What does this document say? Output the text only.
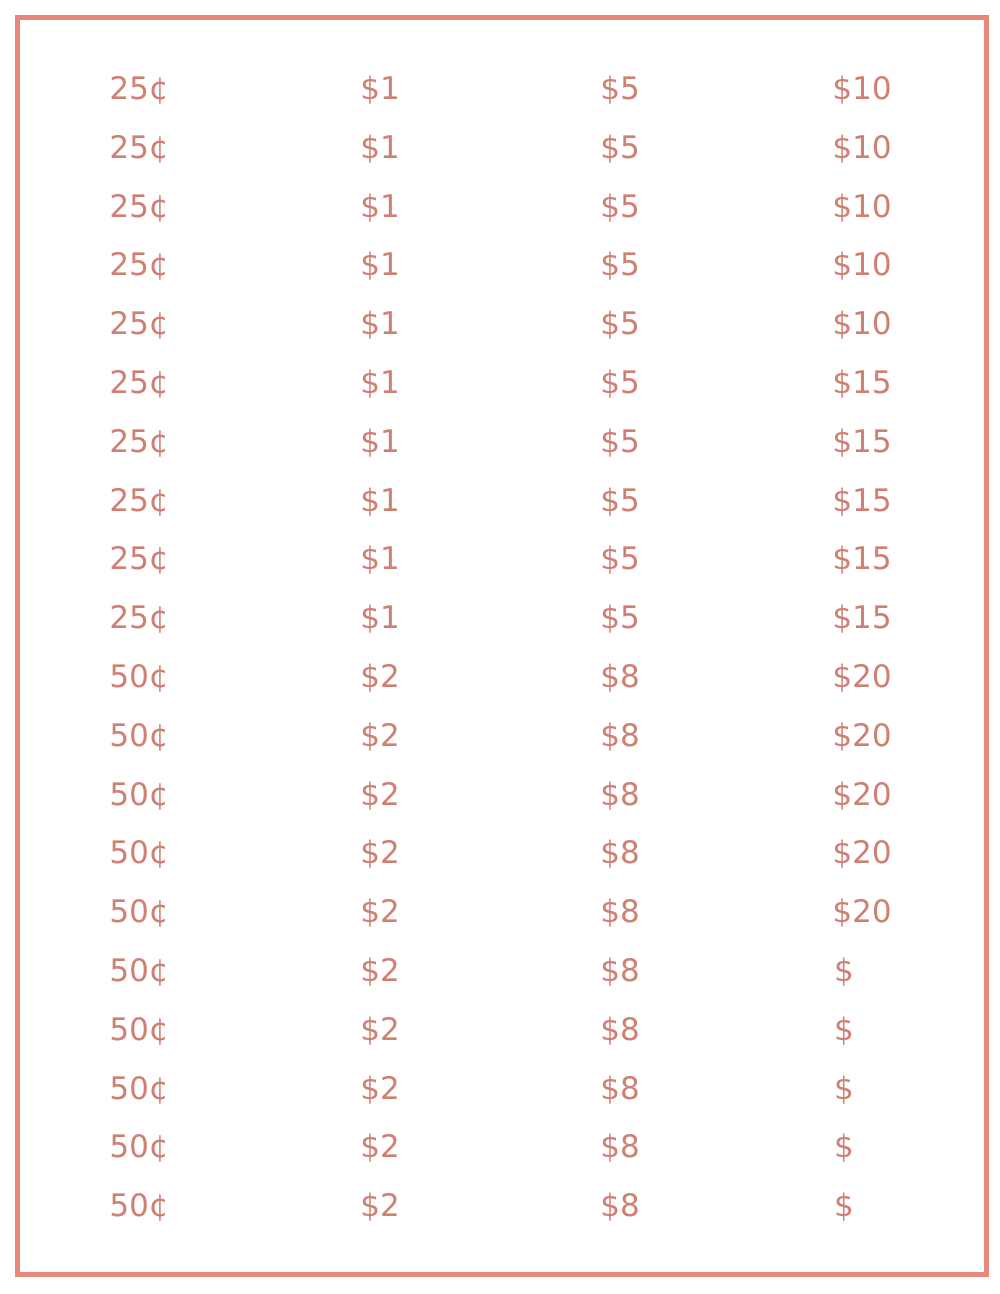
25¢	$1	$5	$10
25¢	$1	$5	$10
25¢	$1	$5	$10
25¢	$1	$5	$10
25¢	$1	$5	$10
25¢	$1	$5	$15
25¢	$1	$5	$15
25¢	$1	$5	$15
25¢	$1	$5	$15
25¢	$1	$5	$15
50¢	$2	$8	$20
50¢	$2	$8	$20
50¢	$2	$8	$20
50¢	$2	$8	$20
50¢	$2	$8	$20
50¢	$2	$8	$
50¢	$2	$8	$
50¢	$2	$8	$
50¢	$2	$8	$
50¢	$2	$8	$
